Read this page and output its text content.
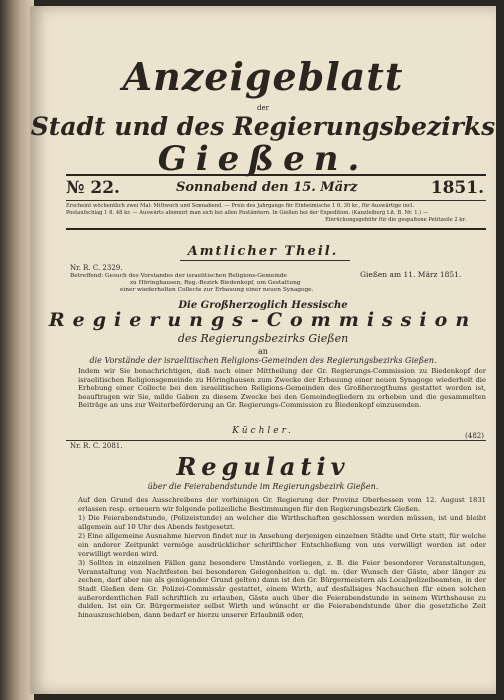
Anzeigeblatt
der
Stadt und des Regierungsbezirks
Gießen.
№ 22.	Sonnabend den 15. März	1851.
Erscheint wöchentlich zwei Mal: Mittwoch und Sonnabend. — Preis des Jahrgangs für Einheimische 1 fl. 30 kr., für Auswärtige incl.
Postaufschlag 1 fl. 48 kr. — Auswärts abonnirt man sich bei allen Postämtern. In Gießen bei der Expedition. (Kanzleiberg Lit. B. Nr. 1.) —
Einrückungsgebühr für die gespaltene Petitzeile 2 kr.
Amtlicher Theil.
Nr. R. C. 2329.
Gießen am 11. März 1851.
Betreffend: Gesuch des Vorstandes der israelitischen Religions-Gemeinde
zu Höringhausen, Reg.-Bezirk Biedenkopf, um Gestattung
einer wiederholten Collecte zur Erbauung einer neuen Synagoge.
Die Großherzoglich Hessische
Regierungs-Commission
des Regierungsbezirks Gießen
an
die Vorstände der israelitischen Religions-Gemeinden des Regierungsbezirks Gießen.
Indem wir Sie benachrichtigen, daß nach einer Mittheilung der Gr. Regierungs-Commission zu Biedenkopf der israelitischen Religionsgemeinde zu Höringhausen zum Zwecke der Erbauung einer neuen Synagoge wiederholt die Erhebung einer Collecte bei den israelitischen Religions-Gemeinden des Großherzogthums gestattet worden ist, beauftragen wir Sie, milde Gaben zu diesem Zwecke bei den Gemeindegliedern zu erheben und die gesammelten Beiträge an uns zur Weiterbeförderung an Gr. Regierungs-Commission zu Biedenkopf einzusenden.
Küchler.	(482)
Nr. R. C. 2081.
Regulativ
über die Feierabendstunde im Regierungsbezirk Gießen.

Auf den Grund des Ausschreibens der vorhinigen Gr. Regierung der Provinz Oberhessen vom 12. August 1831 erlassen resp. erneuern wir folgende polizeiliche Bestimmungen für den Regierungsbezirk Gießen.

1) Die Feierabendstunde, (Polizeistunde) an welcher die Wirthschaften geschlossen werden müssen, ist und bleibt allgemein auf 10 Uhr des Abends festgesetzt.

2) Eine allgemeine Ausnahme hiervon findet nur in Ansehung derjenigen einzelnen Städte und Orte statt, für welche ein anderer Zeitpunkt vermöge ausdrücklicher schriftlicher Entschließung von uns verwilligt worden ist oder verwilligt werden wird.

3) Sollten in einzelnen Fällen ganz besondere Umstände vorliegen, z. B. die Feier besonderer Veranstaltungen, Veranstaltung von Nachtfesten bei besonderen Gelegenheiten u. dgl. m. (der Wunsch der Gäste, aber länger zu zechen, darf aber nie als genügender Grund gelten) dann ist den Gr. Bürgermeistern als Localpolizeibeamten, in der Stadt Gießen dem Gr. Polizei-Commissär gestattet, einem Wirth, auf desfallsiges Nachsuchen für einen solchen außerordentlichen Fall schriftlich zu erlauben, Gäste auch über die Feierabendstunde in seinem Wirthshause zu dulden. Ist ein Gr. Bürgermeister selbst Wirth und wünscht er die Feierabendstunde über die gesetzliche Zeit hinauszuschieben, dann bedarf er hierzu unserer Erlaubniß oder,
